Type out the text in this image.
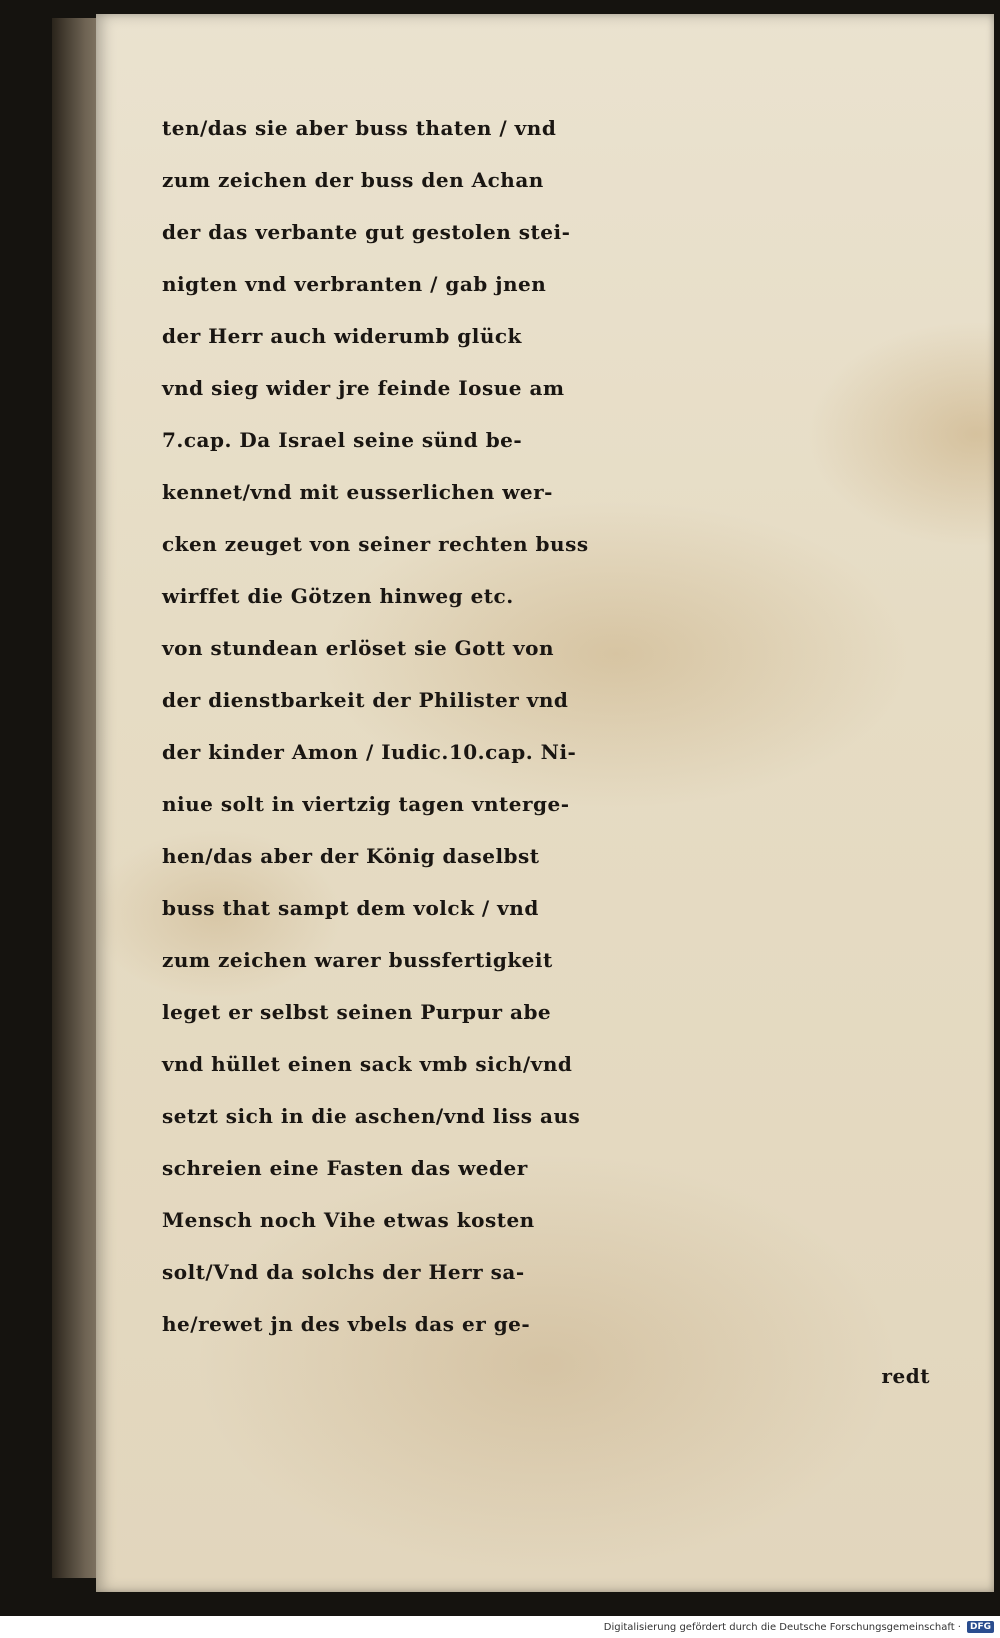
ten/das sie aber buss thaten / vnd
zum zeichen der buss den Achan
der das verbante gut gestolen stei-
nigten vnd verbranten / gab jnen
der Herr auch widerumb glück
vnd sieg wider jre feinde Iosue am
7.cap. Da Israel seine sünd be-
kennet/vnd mit eusserlichen wer-
cken zeuget von seiner rechten buss
wirffet die Götzen hinweg etc.
von stundean erlöset sie Gott von
der dienstbarkeit der Philister vnd
der kinder Amon / Iudic.10.cap. Ni-
niue solt in viertzig tagen vnterge-
hen/das aber der König daselbst
buss that sampt dem volck / vnd
zum zeichen warer bussfertigkeit
leget er selbst seinen Purpur abe
vnd hüllet einen sack vmb sich/vnd
setzt sich in die aschen/vnd liss aus
schreien eine Fasten das weder
Mensch noch Vihe etwas kosten
solt/Vnd da solchs der Herr sa-
he/rewet jn des vbels das er ge-
redt
Digitalisierung gefördert durch die Deutsche Forschungsgemeinschaft ·	DFG
